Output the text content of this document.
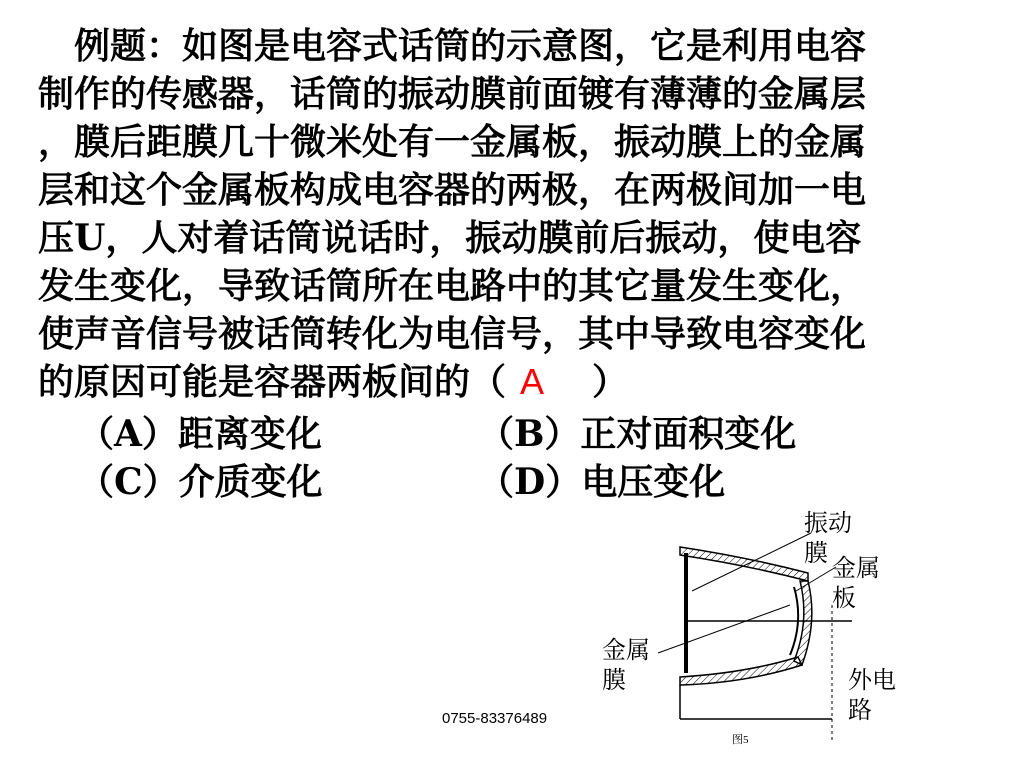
例题：如图是电容式话筒的示意图，它是利用电容
制作的传感器，话筒的振动膜前面镀有薄薄的金属层
，膜后距膜几十微米处有一金属板，振动膜上的金属
层和这个金属板构成电容器的两极，在两极间加一电
压U，人对着话筒说话时，振动膜前后振动，使电容
发生变化，导致话筒所在电路中的其它量发生变化，
使声音信号被话筒转化为电信号，其中导致电容变化
的原因可能是容器两板间的（ A ）
（A）距离变化	（B）正对面积变化
（C）介质变化	（D）电压变化
振动
膜
金属
板
金属
膜	外电
路
图5
0755-83376489
